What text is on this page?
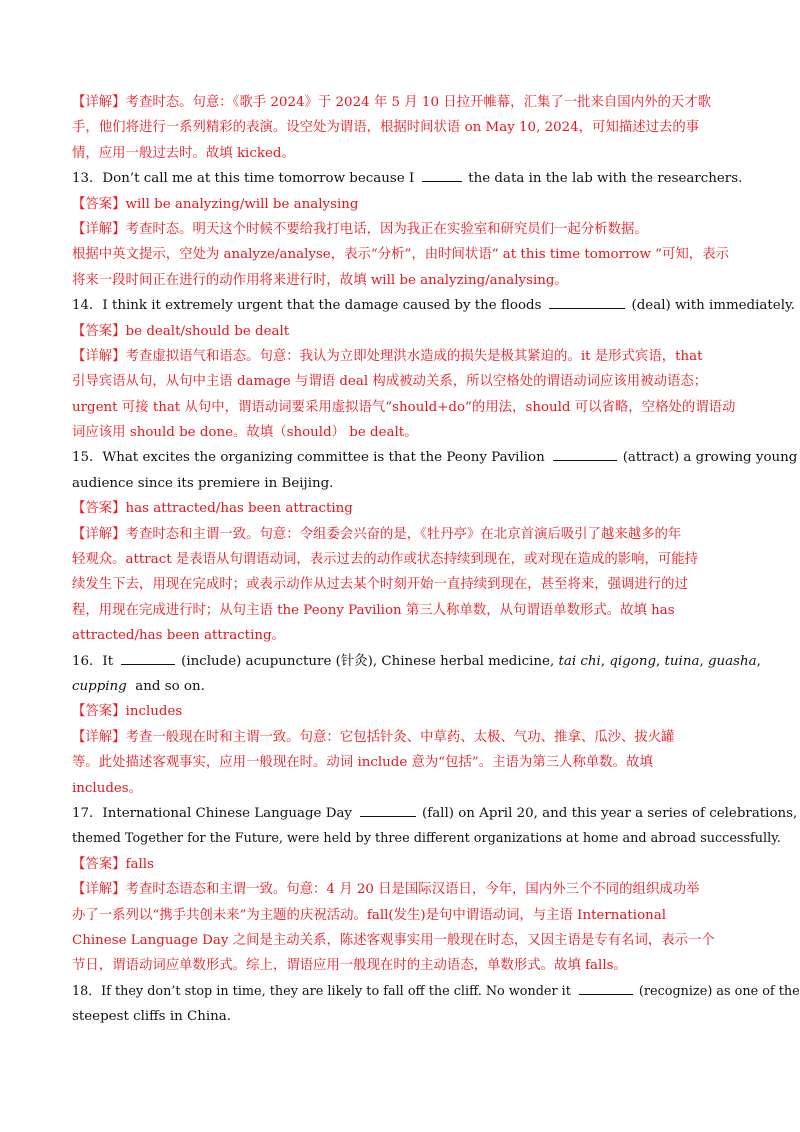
【详解】考查时态。句意：《歌手 2024》于 2024 年 5 月 10 日拉开帷幕，汇集了一批来自国内外的天才歌
手，他们将进行一系列精彩的表演。设空处为谓语，根据时间状语 on May 10, 2024，可知描述过去的事
情，应用一般过去时。故填 kicked。
13．Don’t call me at this time tomorrow because I	the data in the lab with the researchers.
【答案】will be analyzing/will be analysing
【详解】考查时态。明天这个时候不要给我打电话，因为我正在实验室和研究员们一起分析数据。
根据中英文提示，空处为 analyze/analyse，表示“分析”，由时间状语“ at this time tomorrow ”可知，表示
将来一段时间正在进行的动作用将来进行时，故填 will be analyzing/analysing。
14．I think it extremely urgent that the damage caused by the floods	(deal) with immediately.
【答案】be dealt/should be dealt
【详解】考查虚拟语气和语态。句意：我认为立即处理洪水造成的损失是极其紧迫的。it 是形式宾语，that
引导宾语从句，从句中主语 damage 与谓语 deal 构成被动关系，所以空格处的谓语动词应该用被动语态；
urgent 可接 that 从句中，谓语动词要采用虚拟语气“should+do”的用法，should 可以省略，空格处的谓语动
词应该用 should be done。故填（should） be dealt。
15．What excites the organizing committee is that the Peony Pavilion	(attract) a growing young
audience since its premiere in Beijing.
【答案】has attracted/has been attracting
【详解】考查时态和主谓一致。句意：令组委会兴奋的是，《牡丹亭》在北京首演后吸引了越来越多的年
轻观众。attract 是表语从句谓语动词，表示过去的动作或状态持续到现在，或对现在造成的影响，可能持
续发生下去，用现在完成时；或表示动作从过去某个时刻开始一直持续到现在，甚至将来，强调进行的过
程，用现在完成进行时；从句主语 the Peony Pavilion 第三人称单数，从句谓语单数形式。故填 has
attracted/has been attracting。
16．It	(include) acupuncture (针灸), Chinese herbal medicine, tai chi, qigong, tuina, guasha,
cupping and so on.
【答案】includes
【详解】考查一般现在时和主谓一致。句意：它包括针灸、中草药、太极、气功、推拿、瓜沙、拔火罐
等。此处描述客观事实，应用一般现在时。动词 include 意为“包括”。主语为第三人称单数。故填
includes。
17．International Chinese Language Day	(fall) on April 20, and this year a series of celebrations,
themed Together for the Future, were held by three different organizations at home and abroad successfully.
【答案】falls
【详解】考查时态语态和主谓一致。句意：4 月 20 日是国际汉语日，今年，国内外三个不同的组织成功举
办了一系列以“携手共创未来”为主题的庆祝活动。fall(发生)是句中谓语动词，与主语 International
Chinese Language Day 之间是主动关系，陈述客观事实用一般现在时态，又因主语是专有名词，表示一个
节日，谓语动词应单数形式。综上，谓语应用一般现在时的主动语态，单数形式。故填 falls。
18．If they don’t stop in time, they are likely to fall off the cliff. No wonder it	(recognize) as one of the
steepest cliffs in China.
